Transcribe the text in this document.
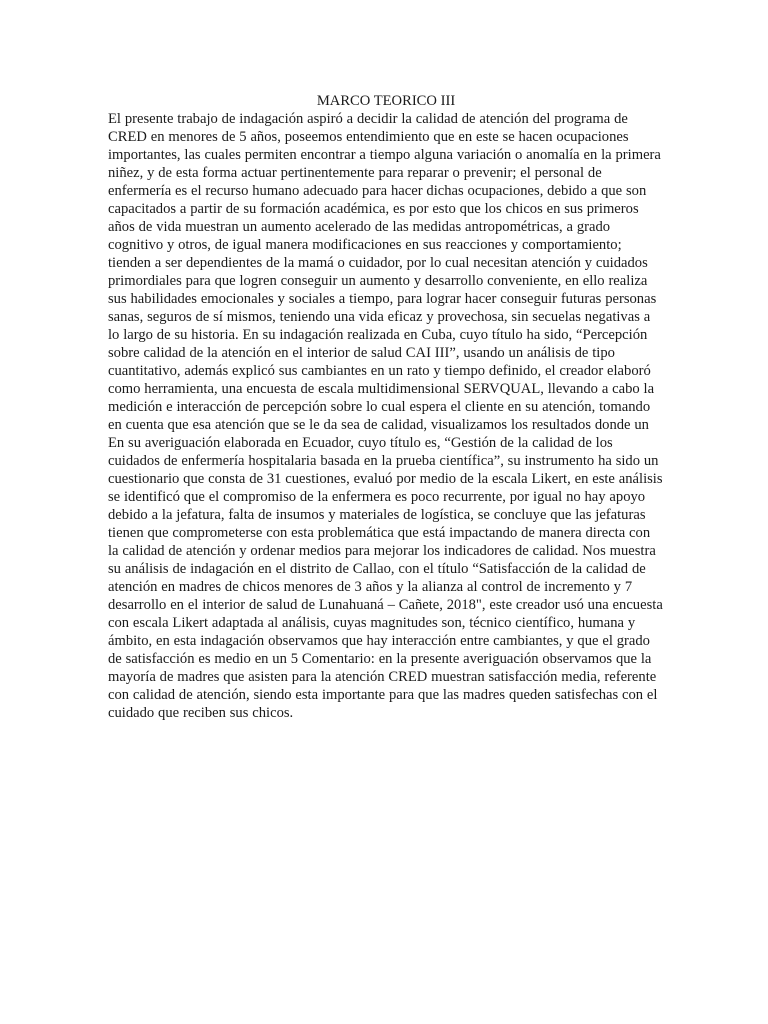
MARCO TEORICO III

El presente trabajo de indagación aspiró a decidir la calidad de atención del programa de CRED en menores de 5 años, poseemos entendimiento que en este se hacen ocupaciones importantes, las cuales permiten encontrar a tiempo alguna variación o anomalía en la primera niñez, y de esta forma actuar pertinentemente para reparar o prevenir; el personal de enfermería es el recurso humano adecuado para hacer dichas ocupaciones, debido a que son capacitados a partir de su formación académica, es por esto que los chicos en sus primeros años de vida muestran un aumento acelerado de las medidas antropométricas, a grado cognitivo y otros, de igual manera modificaciones en sus reacciones y comportamiento; tienden a ser dependientes de la mamá o cuidador, por lo cual necesitan atención y cuidados primordiales para que logren conseguir un aumento y desarrollo conveniente, en ello realiza sus habilidades emocionales y sociales a tiempo, para lograr hacer conseguir futuras personas sanas, seguros de sí mismos, teniendo una vida eficaz y provechosa, sin secuelas negativas a lo largo de su historia. En su indagación realizada en Cuba, cuyo título ha sido, “Percepción sobre calidad de la atención en el interior de salud CAI III”, usando un análisis de tipo cuantitativo, además explicó sus cambiantes en un rato y tiempo definido, el creador elaboró como herramienta, una encuesta de escala multidimensional SERVQUAL, llevando a cabo la medición e interacción de percepción sobre lo cual espera el cliente en su atención, tomando en cuenta que esa atención que se le da sea de calidad, visualizamos los resultados donde un En su averiguación elaborada en Ecuador, cuyo título es, “Gestión de la calidad de los cuidados de enfermería hospitalaria basada en la prueba científica”, su instrumento ha sido un cuestionario que consta de 31 cuestiones, evaluó por medio de la escala Likert, en este análisis se identificó que el compromiso de la enfermera es poco recurrente, por igual no hay apoyo debido a la jefatura, falta de insumos y materiales de logística, se concluye que las jefaturas tienen que comprometerse con esta problemática que está impactando de manera directa con la calidad de atención y ordenar medios para mejorar los indicadores de calidad. Nos muestra su análisis de indagación en el distrito de Callao, con el título “Satisfacción de la calidad de atención en madres de chicos menores de 3 años y la alianza al control de incremento y 7 desarrollo en el interior de salud de Lunahuaná – Cañete, 2018", este creador usó una encuesta con escala Likert adaptada al análisis, cuyas magnitudes son, técnico científico, humana y ámbito, en esta indagación observamos que hay interacción entre cambiantes, y que el grado de satisfacción es medio en un 5 Comentario: en la presente averiguación observamos que la mayoría de madres que asisten para la atención CRED muestran satisfacción media, referente con calidad de atención, siendo esta importante para que las madres queden satisfechas con el cuidado que reciben sus chicos.
